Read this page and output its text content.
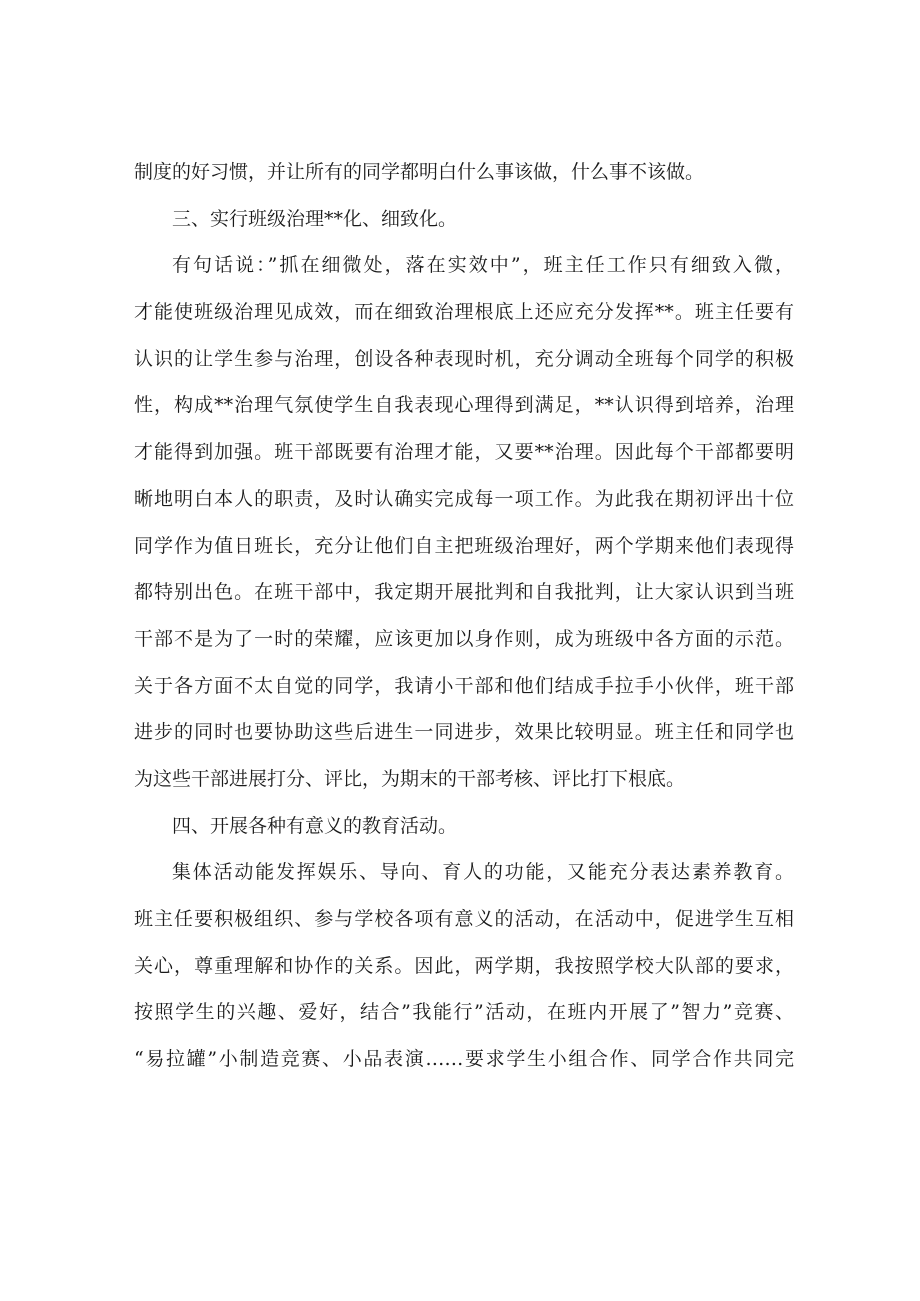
制度的好习惯，并让所有的同学都明白什么事该做，什么事不该做。
三、实行班级治理**化、细致化。
有句话说：”抓在细微处，落在实效中”，班主任工作只有细致入微，
才能使班级治理见成效，而在细致治理根底上还应充分发挥**。班主任要有
认识的让学生参与治理，创设各种表现时机，充分调动全班每个同学的积极
性，构成**治理气氛使学生自我表现心理得到满足，**认识得到培养，治理
才能得到加强。班干部既要有治理才能，又要**治理。因此每个干部都要明
晰地明白本人的职责，及时认确实完成每一项工作。为此我在期初评出十位
同学作为值日班长，充分让他们自主把班级治理好，两个学期来他们表现得
都特别出色。在班干部中，我定期开展批判和自我批判，让大家认识到当班
干部不是为了一时的荣耀，应该更加以身作则，成为班级中各方面的示范。
关于各方面不太自觉的同学，我请小干部和他们结成手拉手小伙伴，班干部
进步的同时也要协助这些后进生一同进步，效果比较明显。班主任和同学也
为这些干部进展打分、评比，为期末的干部考核、评比打下根底。
四、开展各种有意义的教育活动。
集体活动能发挥娱乐、导向、育人的功能，又能充分表达素养教育。
班主任要积极组织、参与学校各项有意义的活动，在活动中，促进学生互相
关心，尊重理解和协作的关系。因此，两学期，我按照学校大队部的要求，
按照学生的兴趣、爱好，结合”我能行”活动，在班内开展了”智力”竞赛、
“易拉罐”小制造竞赛、小品表演……要求学生小组合作、同学合作共同完
